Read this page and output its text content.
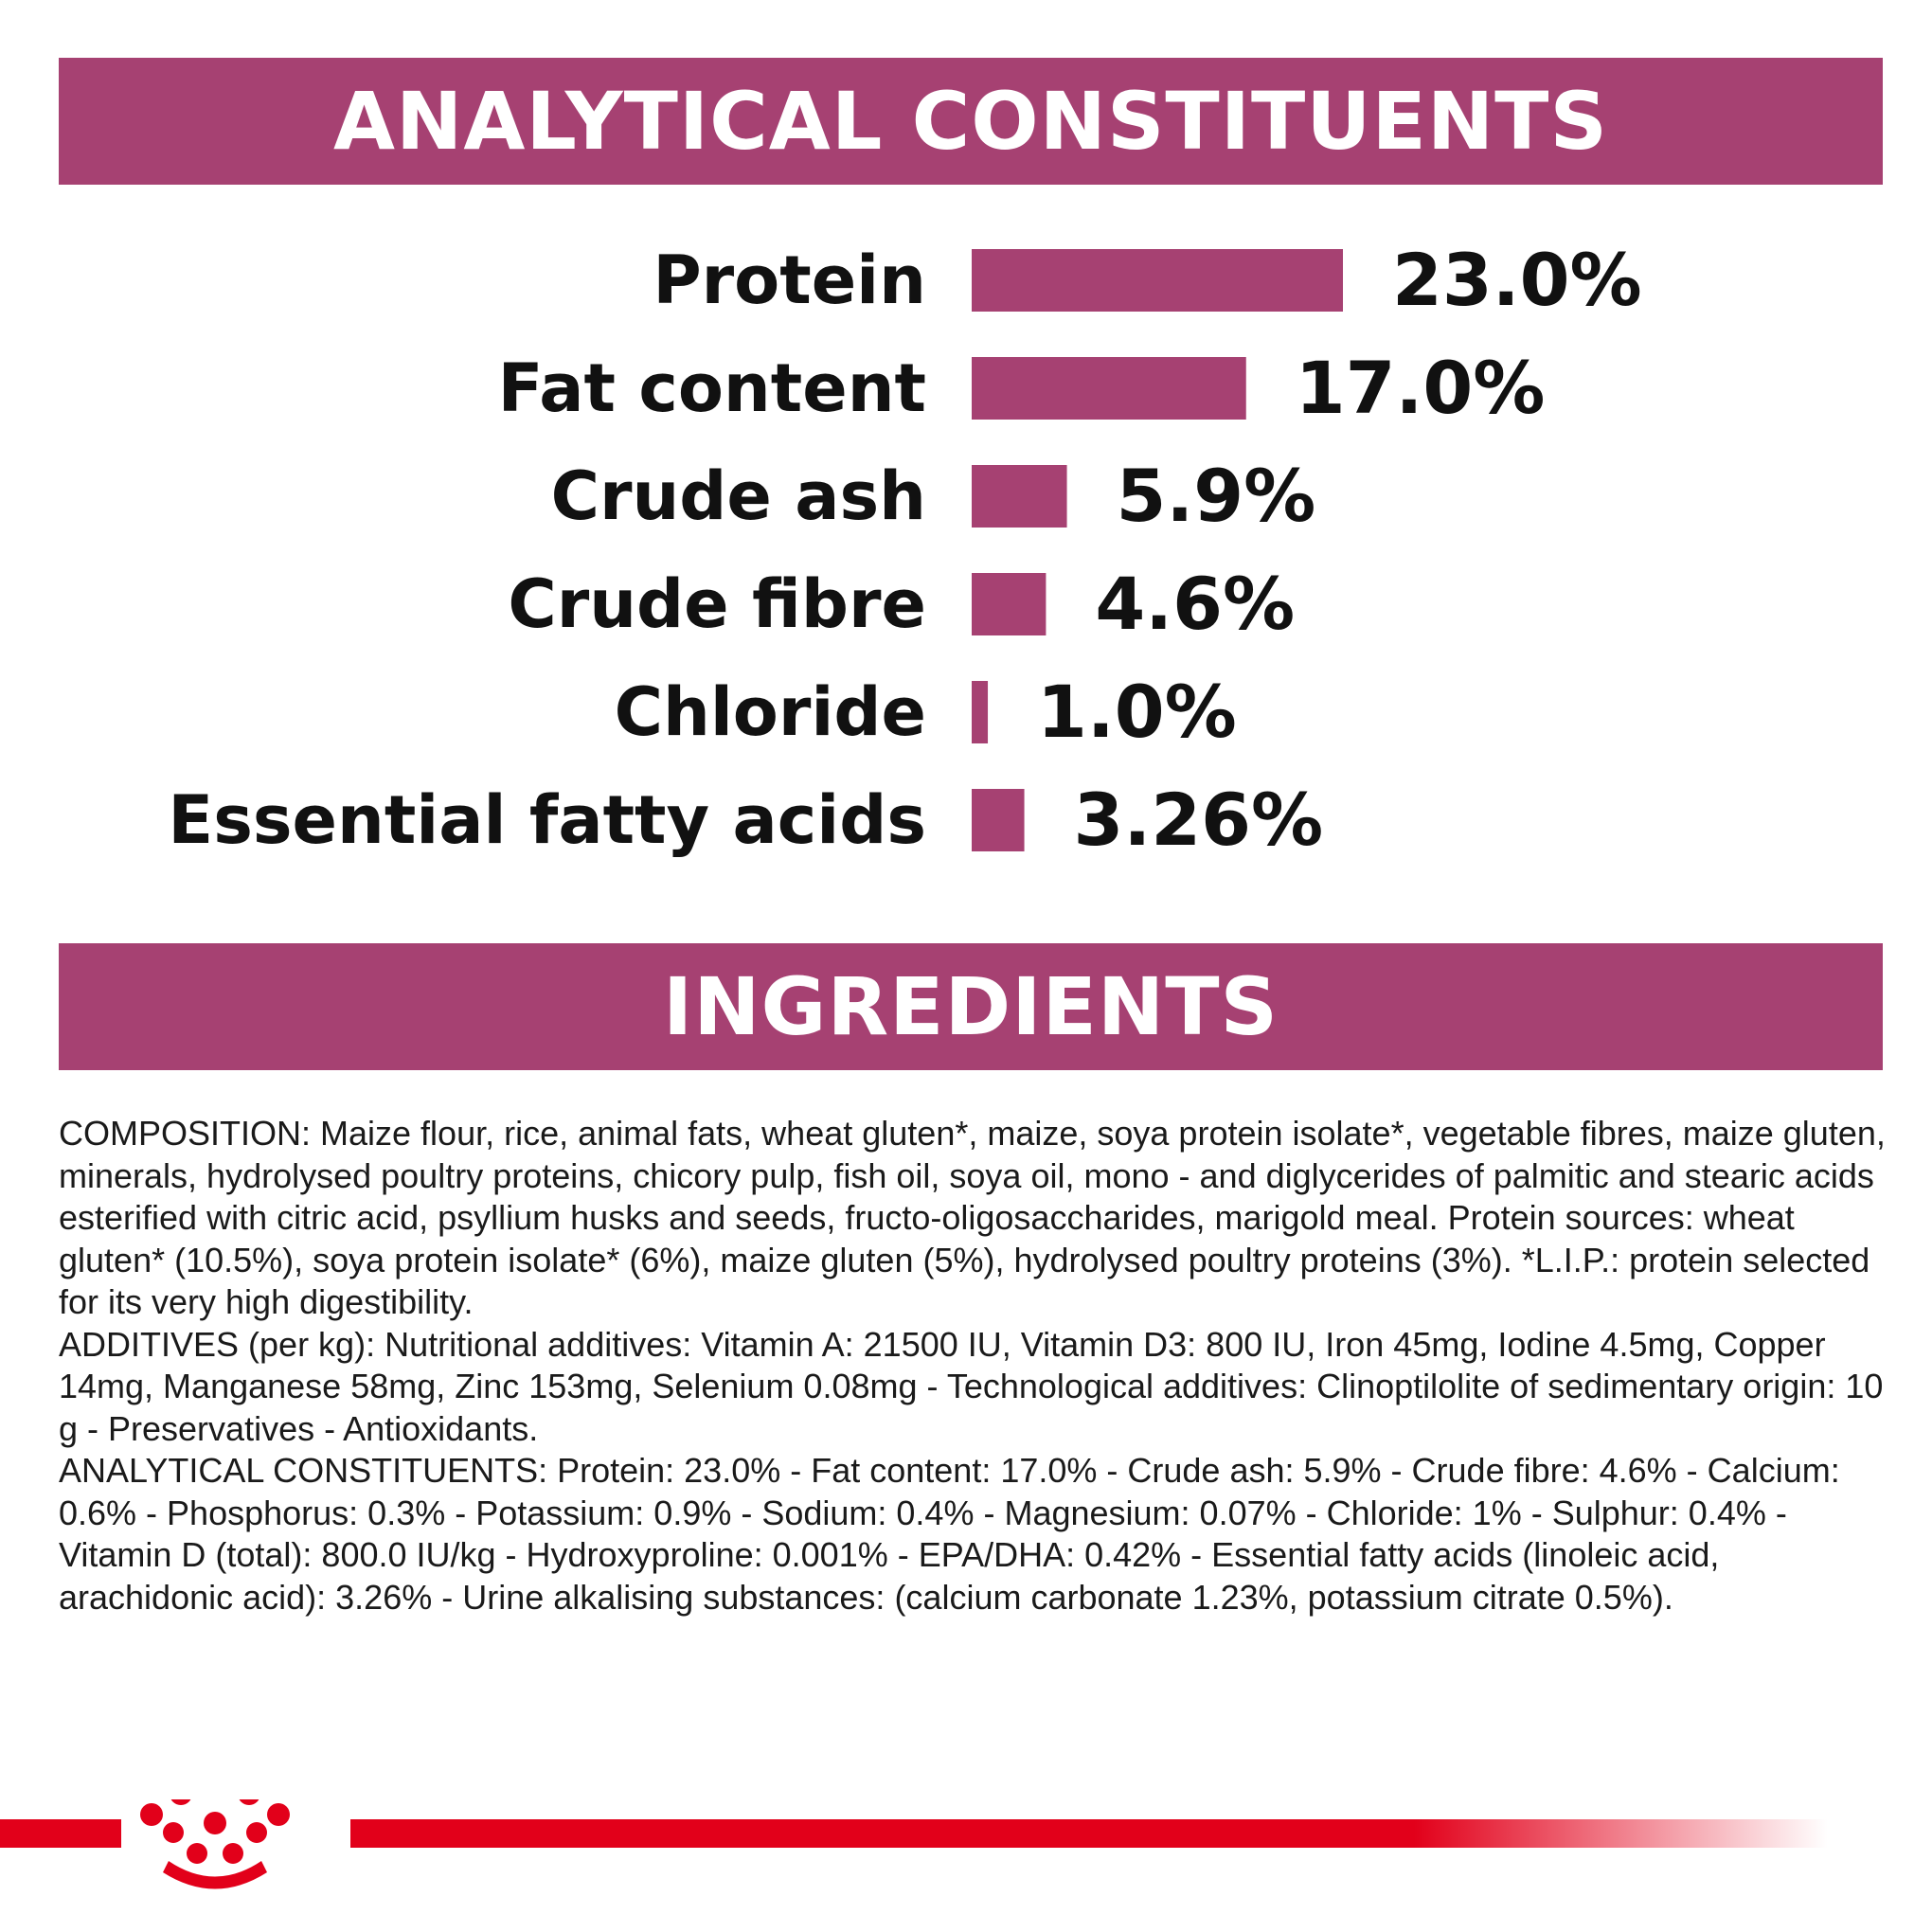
ANALYTICAL CONSTITUENTS
Protein	23.0%
Fat content	17.0%
Crude ash	5.9%
Crude fibre 4.6%
Chloride 1.0%
Essential fatty acids 3.26%
INGREDIENTS

COMPOSITION: Maize flour, rice, animal fats, wheat gluten*, maize, soya protein isolate*, vegetable fibres, maize gluten, minerals, hydrolysed poultry proteins, chicory pulp, fish oil, soya oil, mono - and diglycerides of palmitic and stearic acids esterified with citric acid, psyllium husks and seeds, fructo-oligosaccharides, marigold meal. Protein sources: wheat gluten* (10.5%), soya protein isolate* (6%), maize gluten (5%), hydrolysed poultry proteins (3%). *L.I.P.: protein selected for its very high digestibility.

ADDITIVES (per kg): Nutritional additives: Vitamin A: 21500 IU, Vitamin D3: 800 IU, Iron 45mg, Iodine 4.5mg, Copper 14mg, Manganese 58mg, Zinc 153mg, Selenium 0.08mg - Technological additives: Clinoptilolite of sedimentary origin: 10 g - Preservatives - Antioxidants.

ANALYTICAL CONSTITUENTS: Protein: 23.0% - Fat content: 17.0% - Crude ash: 5.9% - Crude fibre: 4.6% - Calcium: 0.6% - Phosphorus: 0.3% - Potassium: 0.9% - Sodium: 0.4% - Magnesium: 0.07% - Chloride: 1% - Sulphur: 0.4% - Vitamin D (total): 800.0 IU/kg - Hydroxyproline: 0.001% - EPA/DHA: 0.42% - Essential fatty acids (linoleic acid, arachidonic acid): 3.26% - Urine alkalising substances: (calcium carbonate 1.23%, potassium citrate 0.5%).
